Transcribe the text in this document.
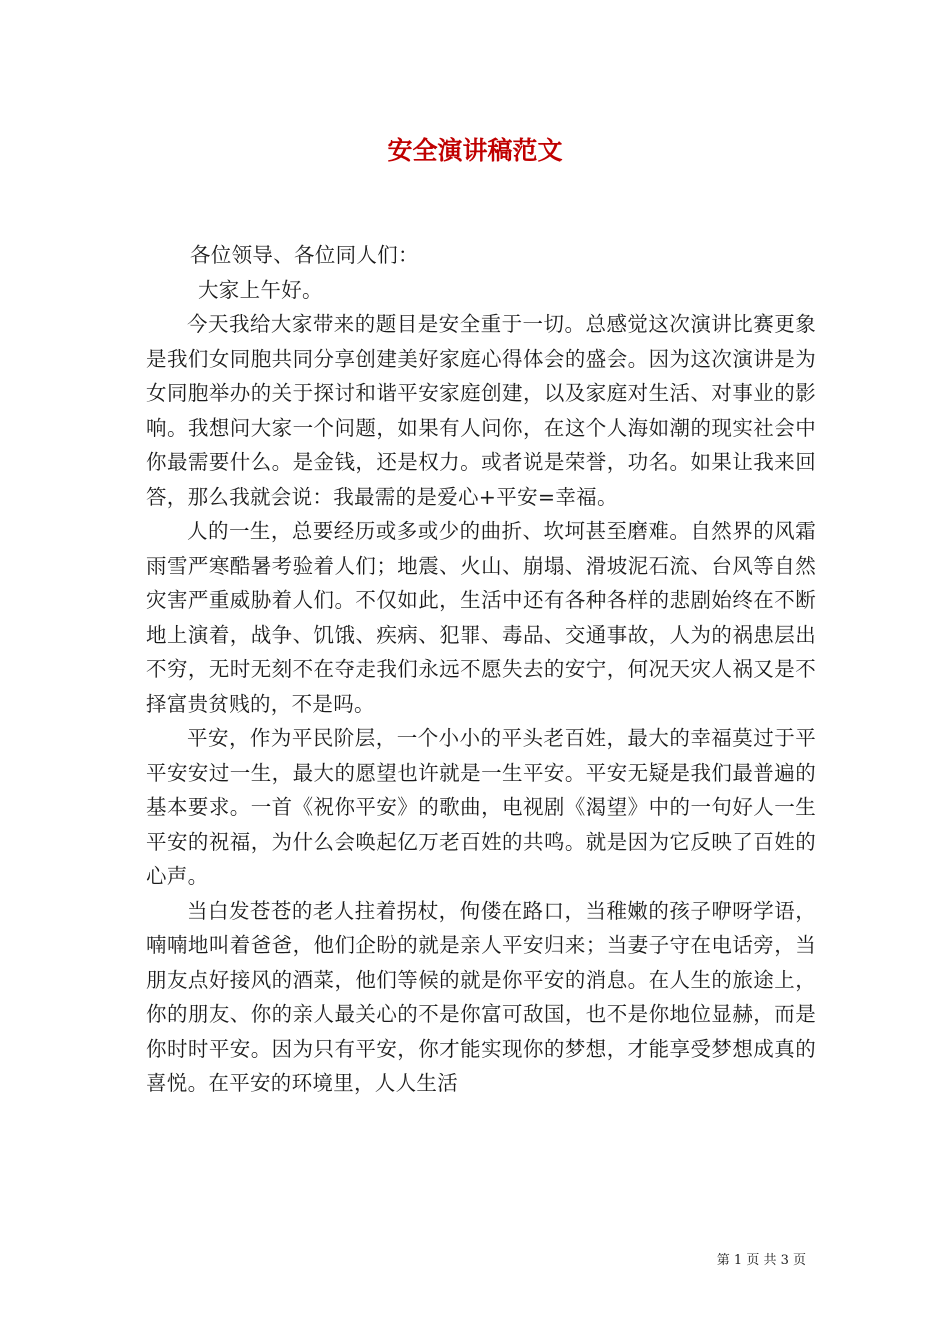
安全演讲稿范文

各位领导、各位同人们：

大家上午好。

今天我给大家带来的题目是安全重于一切。总感觉这次演讲比赛更象是我们女同胞共同分享创建美好家庭心得体会的盛会。因为这次演讲是为女同胞举办的关于探讨和谐平安家庭创建，以及家庭对生活、对事业的影响。我想问大家一个问题，如果有人问你，在这个人海如潮的现实社会中你最需要什么。是金钱，还是权力。或者说是荣誉，功名。如果让我来回答，那么我就会说：我最需的是爱心+平安=幸福。

人的一生，总要经历或多或少的曲折、坎坷甚至磨难。自然界的风霜雨雪严寒酷暑考验着人们；地震、火山、崩塌、滑坡泥石流、台风等自然灾害严重威胁着人们。不仅如此，生活中还有各种各样的悲剧始终在不断地上演着，战争、饥饿、疾病、犯罪、毒品、交通事故，人为的祸患层出不穷，无时无刻不在夺走我们永远不愿失去的安宁，何况天灾人祸又是不择富贵贫贱的，不是吗。

平安，作为平民阶层，一个小小的平头老百姓，最大的幸福莫过于平平安安过一生，最大的愿望也许就是一生平安。平安无疑是我们最普遍的基本要求。一首《祝你平安》的歌曲，电视剧《渴望》中的一句好人一生平安的祝福，为什么会唤起亿万老百姓的共鸣。就是因为它反映了百姓的心声。

当白发苍苍的老人拄着拐杖，佝偻在路口，当稚嫩的孩子咿呀学语，喃喃地叫着爸爸，他们企盼的就是亲人平安归来；当妻子守在电话旁，当朋友点好接风的酒菜，他们等候的就是你平安的消息。在人生的旅途上，你的朋友、你的亲人最关心的不是你富可敌国，也不是你地位显赫，而是你时时平安。因为只有平安，你才能实现你的梦想，才能享受梦想成真的喜悦。在平安的环境里，人人生活

第 1 页 共 3 页
